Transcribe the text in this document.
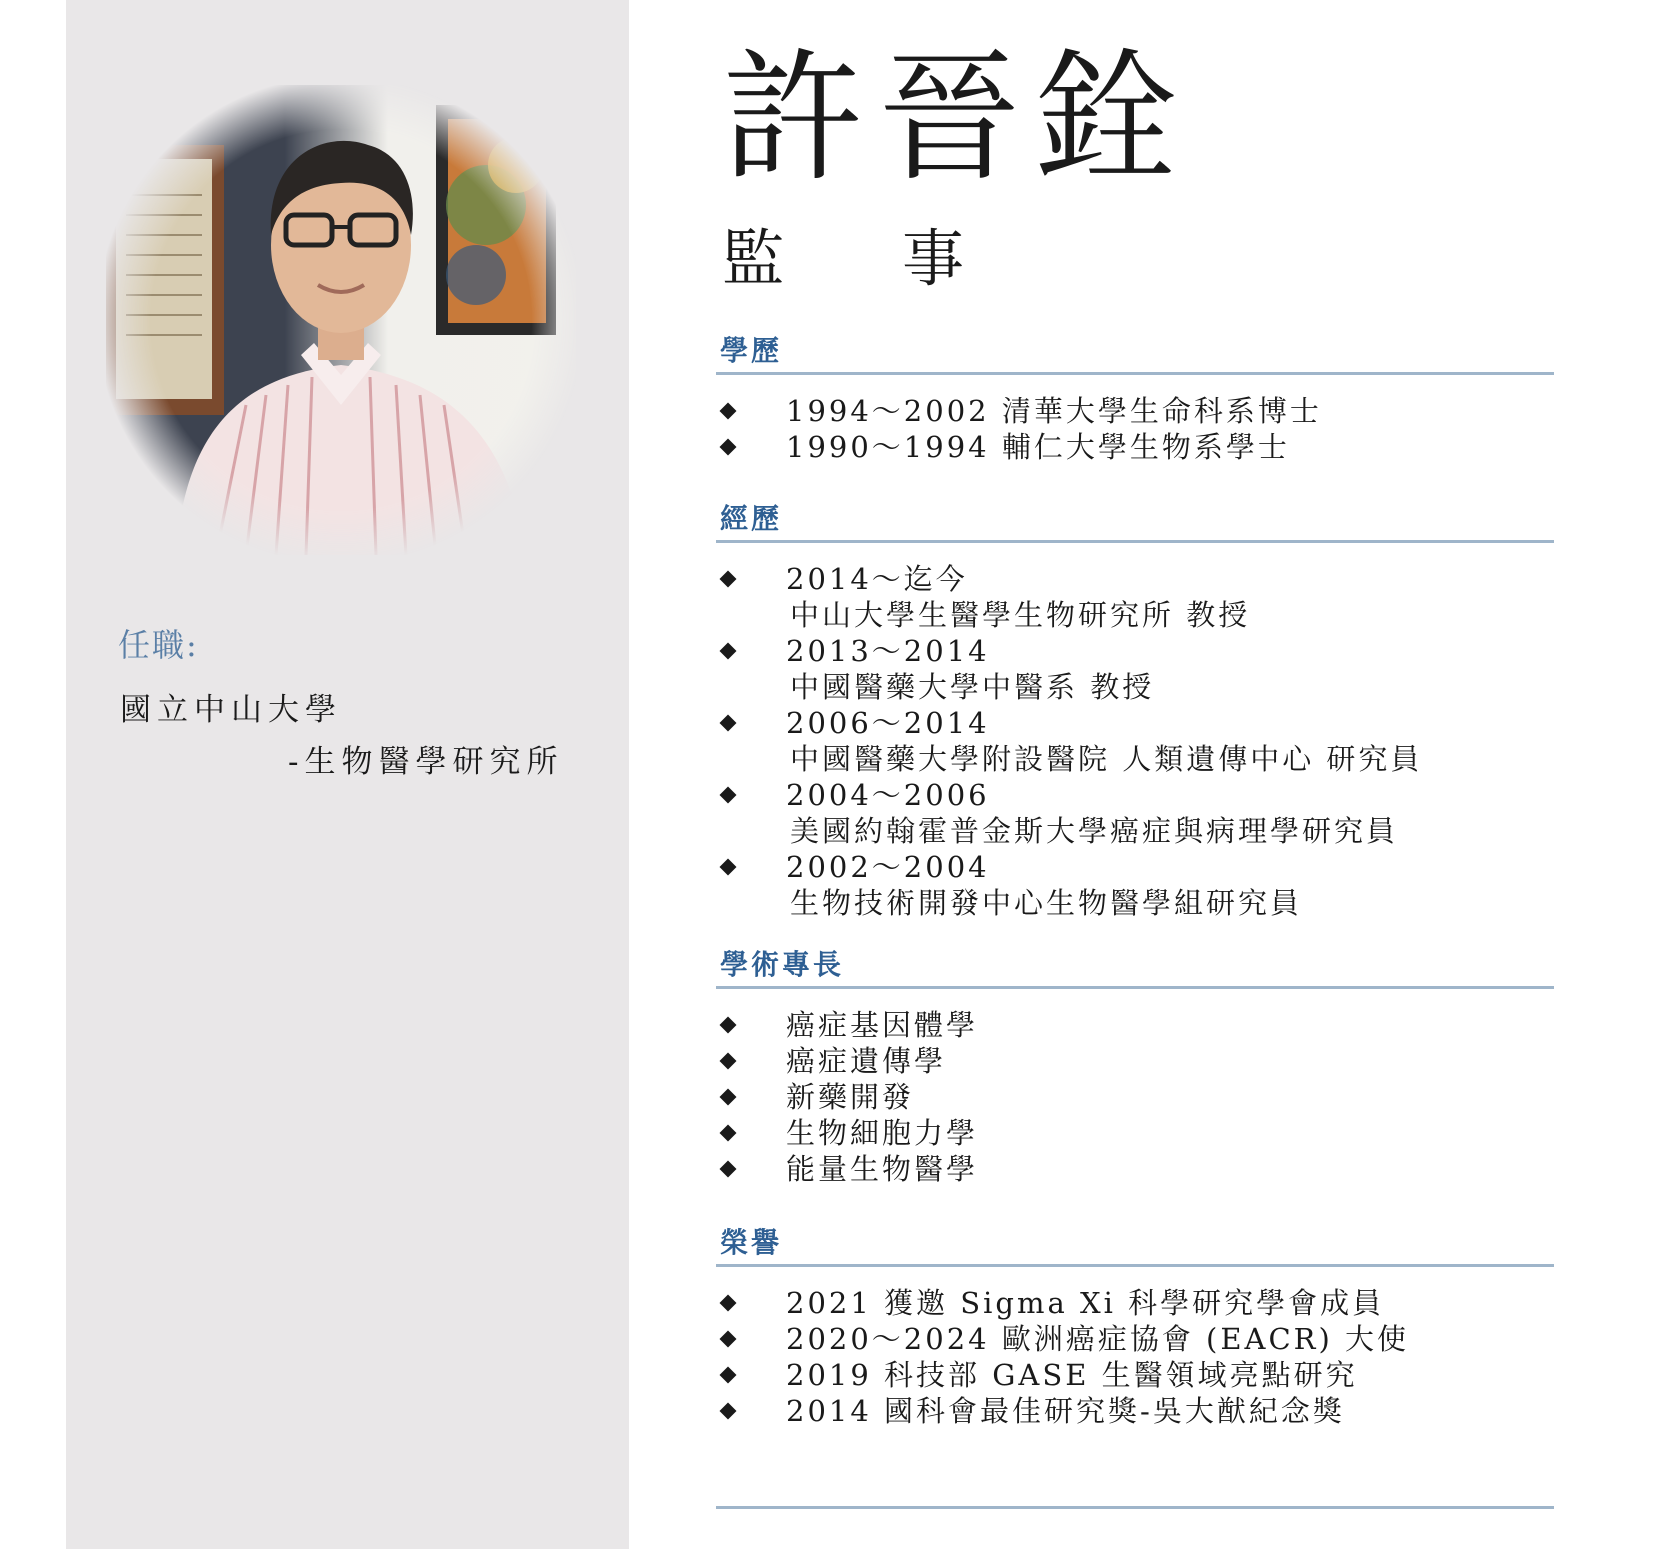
任職:
國立中山大學
-生物醫學研究所
許晉銓
監 事
學歷
1994～2002 清華大學生命科系博士
1990～1994 輔仁大學生物系學士
經歷
2014～迄今
中山大學生醫學生物研究所 教授
2013～2014
中國醫藥大學中醫系 教授
2006～2014
中國醫藥大學附設醫院 人類遺傳中心 研究員
2004～2006
美國約翰霍普金斯大學癌症與病理學研究員
2002～2004
生物技術開發中心生物醫學組研究員
學術專長
癌症基因體學
癌症遺傳學
新藥開發
生物細胞力學
能量生物醫學
榮譽
2021 獲邀 Sigma Xi 科學研究學會成員
2020～2024 歐洲癌症協會 (EACR) 大使
2019 科技部 GASE 生醫領域亮點研究
2014 國科會最佳研究獎-吳大猷紀念獎
